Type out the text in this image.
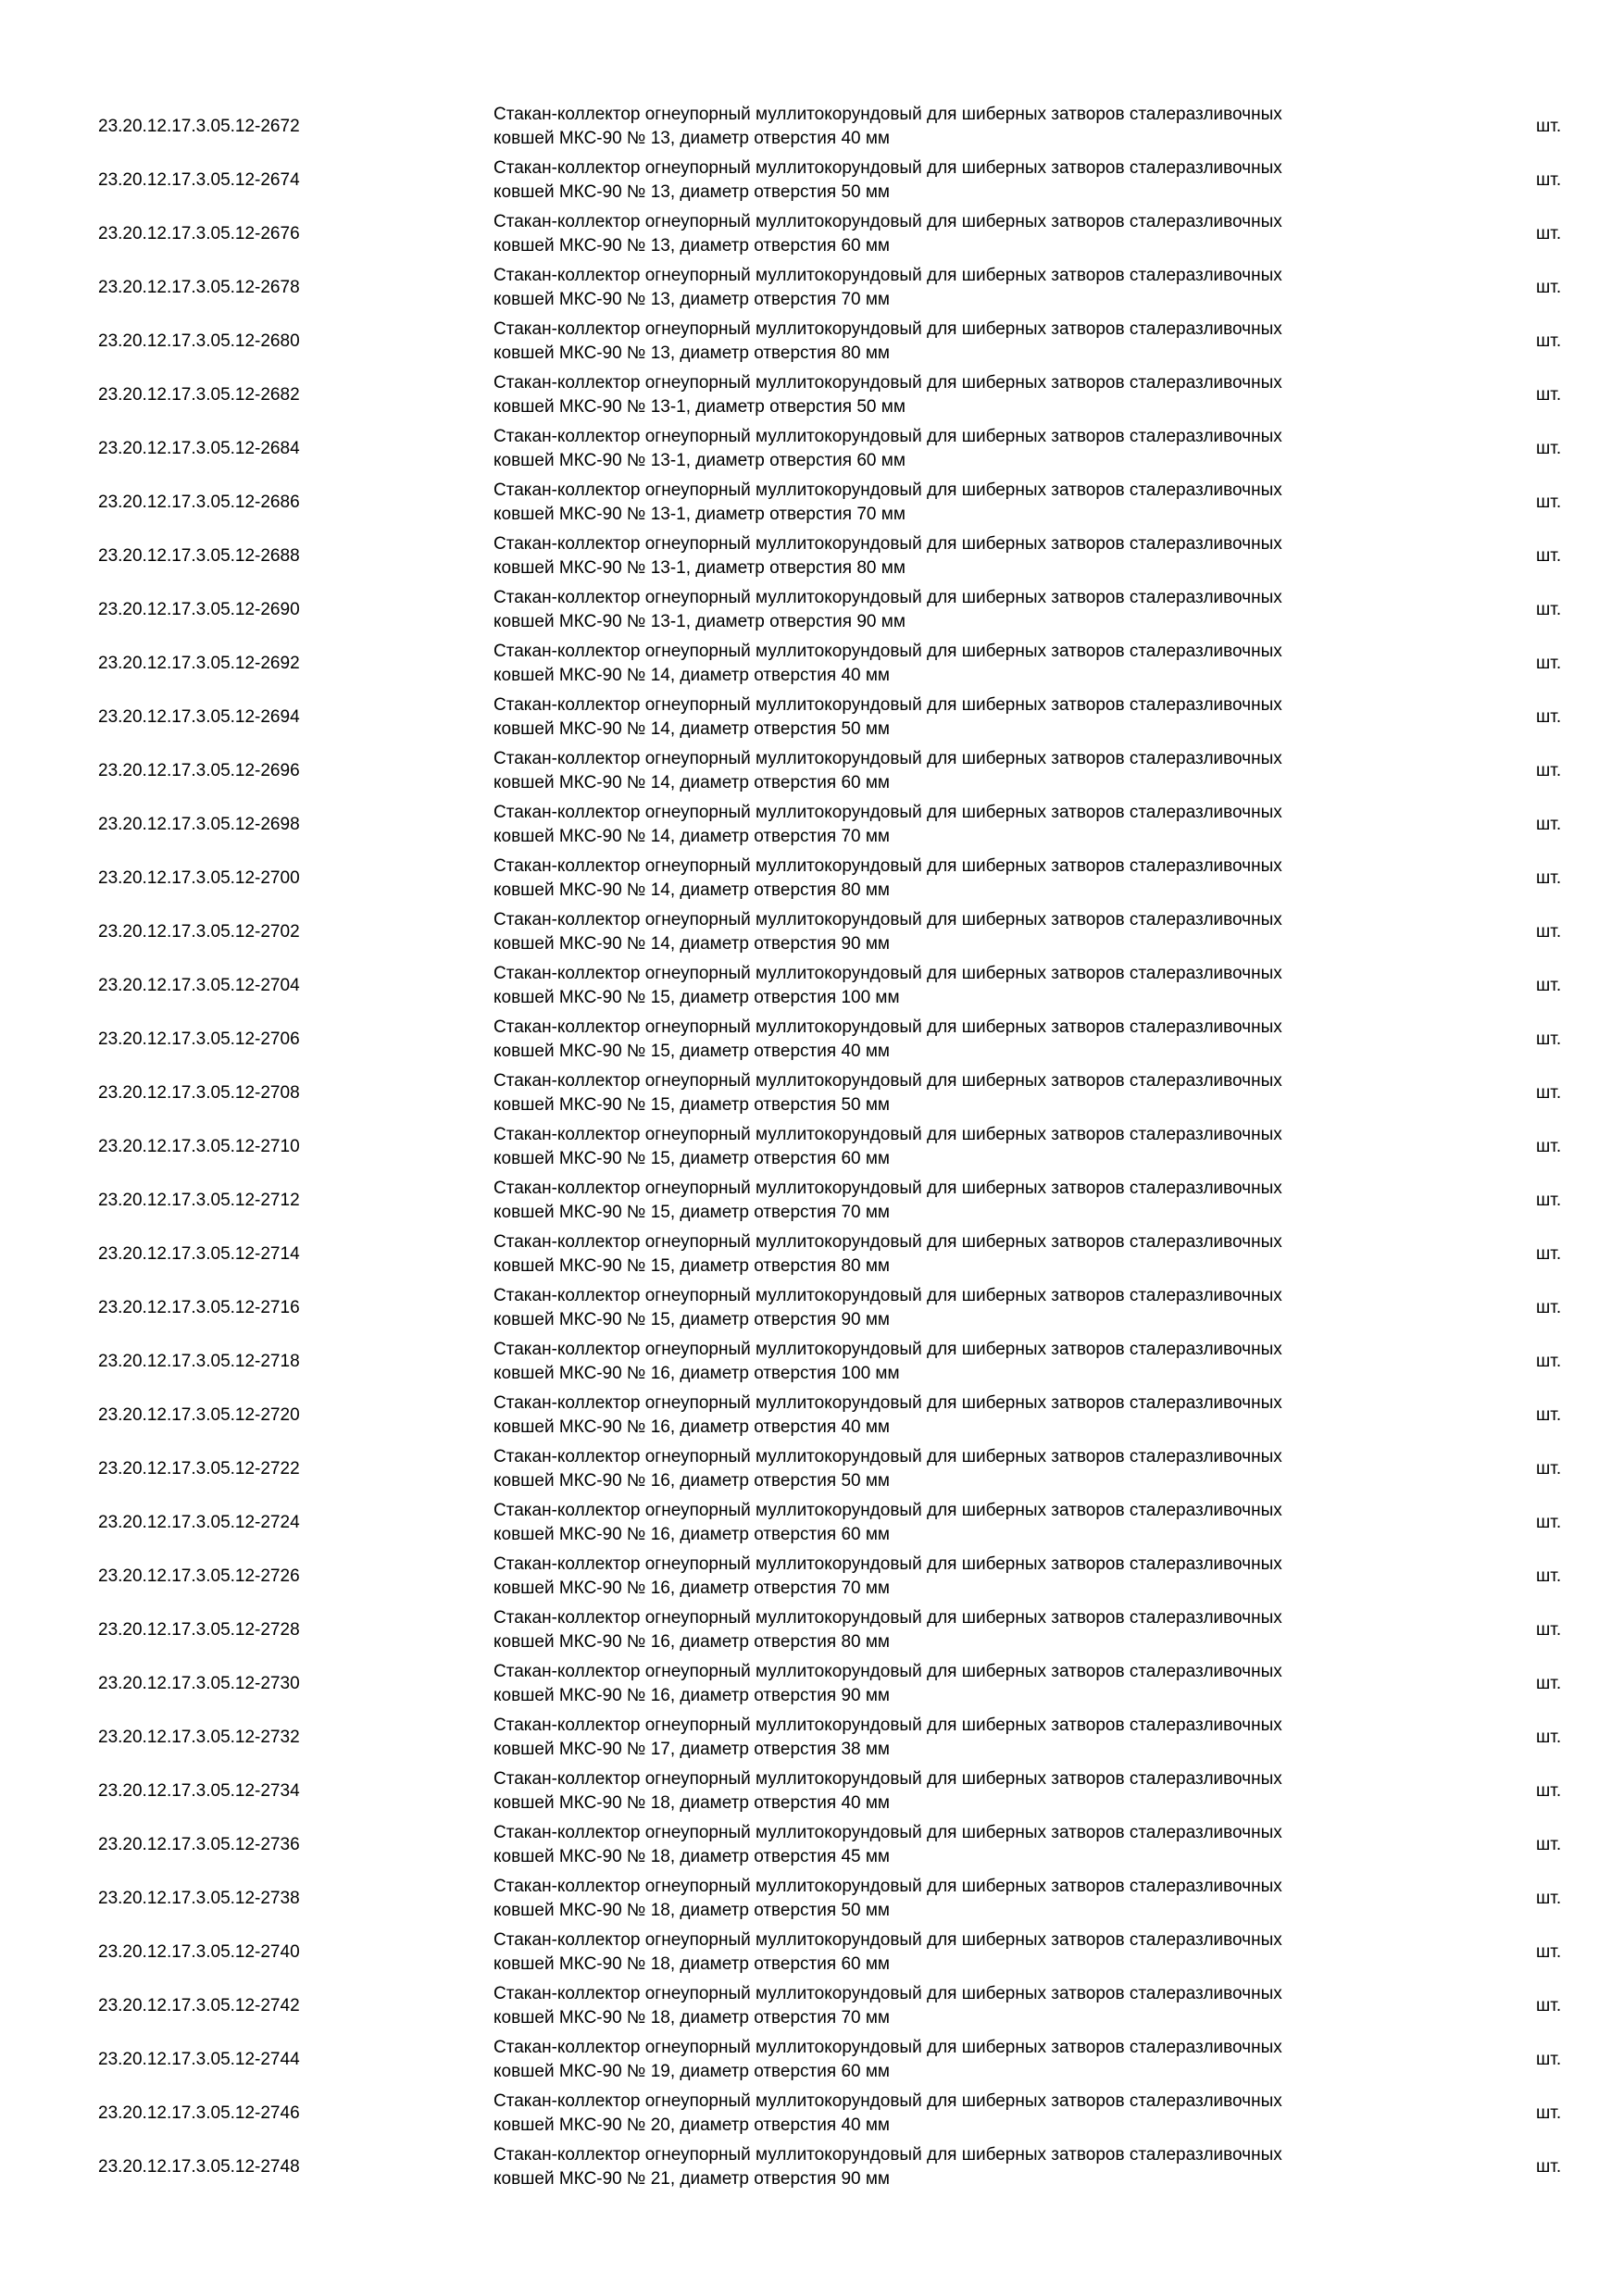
23.20.12.17.3.05.12-2672
Стакан-коллектор огнеупорный муллитокорундовый для шиберных затворов сталеразливочных
ковшей МКС-90 № 13, диаметр отверстия 40 мм
шт.
23.20.12.17.3.05.12-2674
Стакан-коллектор огнеупорный муллитокорундовый для шиберных затворов сталеразливочных
ковшей МКС-90 № 13, диаметр отверстия 50 мм
шт.
23.20.12.17.3.05.12-2676
Стакан-коллектор огнеупорный муллитокорундовый для шиберных затворов сталеразливочных
ковшей МКС-90 № 13, диаметр отверстия 60 мм
шт.
23.20.12.17.3.05.12-2678
Стакан-коллектор огнеупорный муллитокорундовый для шиберных затворов сталеразливочных
ковшей МКС-90 № 13, диаметр отверстия 70 мм
шт.
23.20.12.17.3.05.12-2680
Стакан-коллектор огнеупорный муллитокорундовый для шиберных затворов сталеразливочных
ковшей МКС-90 № 13, диаметр отверстия 80 мм
шт.
23.20.12.17.3.05.12-2682
Стакан-коллектор огнеупорный муллитокорундовый для шиберных затворов сталеразливочных
ковшей МКС-90 № 13-1, диаметр отверстия 50 мм
шт.
23.20.12.17.3.05.12-2684
Стакан-коллектор огнеупорный муллитокорундовый для шиберных затворов сталеразливочных
ковшей МКС-90 № 13-1, диаметр отверстия 60 мм
шт.
23.20.12.17.3.05.12-2686
Стакан-коллектор огнеупорный муллитокорундовый для шиберных затворов сталеразливочных
ковшей МКС-90 № 13-1, диаметр отверстия 70 мм
шт.
23.20.12.17.3.05.12-2688
Стакан-коллектор огнеупорный муллитокорундовый для шиберных затворов сталеразливочных
ковшей МКС-90 № 13-1, диаметр отверстия 80 мм
шт.
23.20.12.17.3.05.12-2690
Стакан-коллектор огнеупорный муллитокорундовый для шиберных затворов сталеразливочных
ковшей МКС-90 № 13-1, диаметр отверстия 90 мм
шт.
23.20.12.17.3.05.12-2692
Стакан-коллектор огнеупорный муллитокорундовый для шиберных затворов сталеразливочных
ковшей МКС-90 № 14, диаметр отверстия 40 мм
шт.
23.20.12.17.3.05.12-2694
Стакан-коллектор огнеупорный муллитокорундовый для шиберных затворов сталеразливочных
ковшей МКС-90 № 14, диаметр отверстия 50 мм
шт.
23.20.12.17.3.05.12-2696
Стакан-коллектор огнеупорный муллитокорундовый для шиберных затворов сталеразливочных
ковшей МКС-90 № 14, диаметр отверстия 60 мм
шт.
23.20.12.17.3.05.12-2698
Стакан-коллектор огнеупорный муллитокорундовый для шиберных затворов сталеразливочных
ковшей МКС-90 № 14, диаметр отверстия 70 мм
шт.
23.20.12.17.3.05.12-2700
Стакан-коллектор огнеупорный муллитокорундовый для шиберных затворов сталеразливочных
ковшей МКС-90 № 14, диаметр отверстия 80 мм
шт.
23.20.12.17.3.05.12-2702
Стакан-коллектор огнеупорный муллитокорундовый для шиберных затворов сталеразливочных
ковшей МКС-90 № 14, диаметр отверстия 90 мм
шт.
23.20.12.17.3.05.12-2704
Стакан-коллектор огнеупорный муллитокорундовый для шиберных затворов сталеразливочных
ковшей МКС-90 № 15, диаметр отверстия 100 мм
шт.
23.20.12.17.3.05.12-2706
Стакан-коллектор огнеупорный муллитокорундовый для шиберных затворов сталеразливочных
ковшей МКС-90 № 15, диаметр отверстия 40 мм
шт.
23.20.12.17.3.05.12-2708
Стакан-коллектор огнеупорный муллитокорундовый для шиберных затворов сталеразливочных
ковшей МКС-90 № 15, диаметр отверстия 50 мм
шт.
23.20.12.17.3.05.12-2710
Стакан-коллектор огнеупорный муллитокорундовый для шиберных затворов сталеразливочных
ковшей МКС-90 № 15, диаметр отверстия 60 мм
шт.
23.20.12.17.3.05.12-2712
Стакан-коллектор огнеупорный муллитокорундовый для шиберных затворов сталеразливочных
ковшей МКС-90 № 15, диаметр отверстия 70 мм
шт.
23.20.12.17.3.05.12-2714
Стакан-коллектор огнеупорный муллитокорундовый для шиберных затворов сталеразливочных
ковшей МКС-90 № 15, диаметр отверстия 80 мм
шт.
23.20.12.17.3.05.12-2716
Стакан-коллектор огнеупорный муллитокорундовый для шиберных затворов сталеразливочных
ковшей МКС-90 № 15, диаметр отверстия 90 мм
шт.
23.20.12.17.3.05.12-2718
Стакан-коллектор огнеупорный муллитокорундовый для шиберных затворов сталеразливочных
ковшей МКС-90 № 16, диаметр отверстия 100 мм
шт.
23.20.12.17.3.05.12-2720
Стакан-коллектор огнеупорный муллитокорундовый для шиберных затворов сталеразливочных
ковшей МКС-90 № 16, диаметр отверстия 40 мм
шт.
23.20.12.17.3.05.12-2722
Стакан-коллектор огнеупорный муллитокорундовый для шиберных затворов сталеразливочных
ковшей МКС-90 № 16, диаметр отверстия 50 мм
шт.
23.20.12.17.3.05.12-2724
Стакан-коллектор огнеупорный муллитокорундовый для шиберных затворов сталеразливочных
ковшей МКС-90 № 16, диаметр отверстия 60 мм
шт.
23.20.12.17.3.05.12-2726
Стакан-коллектор огнеупорный муллитокорундовый для шиберных затворов сталеразливочных
ковшей МКС-90 № 16, диаметр отверстия 70 мм
шт.
23.20.12.17.3.05.12-2728
Стакан-коллектор огнеупорный муллитокорундовый для шиберных затворов сталеразливочных
ковшей МКС-90 № 16, диаметр отверстия 80 мм
шт.
23.20.12.17.3.05.12-2730
Стакан-коллектор огнеупорный муллитокорундовый для шиберных затворов сталеразливочных
ковшей МКС-90 № 16, диаметр отверстия 90 мм
шт.
23.20.12.17.3.05.12-2732
Стакан-коллектор огнеупорный муллитокорундовый для шиберных затворов сталеразливочных
ковшей МКС-90 № 17, диаметр отверстия 38 мм
шт.
23.20.12.17.3.05.12-2734
Стакан-коллектор огнеупорный муллитокорундовый для шиберных затворов сталеразливочных
ковшей МКС-90 № 18, диаметр отверстия 40 мм
шт.
23.20.12.17.3.05.12-2736
Стакан-коллектор огнеупорный муллитокорундовый для шиберных затворов сталеразливочных
ковшей МКС-90 № 18, диаметр отверстия 45 мм
шт.
23.20.12.17.3.05.12-2738
Стакан-коллектор огнеупорный муллитокорундовый для шиберных затворов сталеразливочных
ковшей МКС-90 № 18, диаметр отверстия 50 мм
шт.
23.20.12.17.3.05.12-2740
Стакан-коллектор огнеупорный муллитокорундовый для шиберных затворов сталеразливочных
ковшей МКС-90 № 18, диаметр отверстия 60 мм
шт.
23.20.12.17.3.05.12-2742
Стакан-коллектор огнеупорный муллитокорундовый для шиберных затворов сталеразливочных
ковшей МКС-90 № 18, диаметр отверстия 70 мм
шт.
23.20.12.17.3.05.12-2744
Стакан-коллектор огнеупорный муллитокорундовый для шиберных затворов сталеразливочных
ковшей МКС-90 № 19, диаметр отверстия 60 мм
шт.
23.20.12.17.3.05.12-2746
Стакан-коллектор огнеупорный муллитокорундовый для шиберных затворов сталеразливочных
ковшей МКС-90 № 20, диаметр отверстия 40 мм
шт.
23.20.12.17.3.05.12-2748
Стакан-коллектор огнеупорный муллитокорундовый для шиберных затворов сталеразливочных
ковшей МКС-90 № 21, диаметр отверстия 90 мм
шт.
